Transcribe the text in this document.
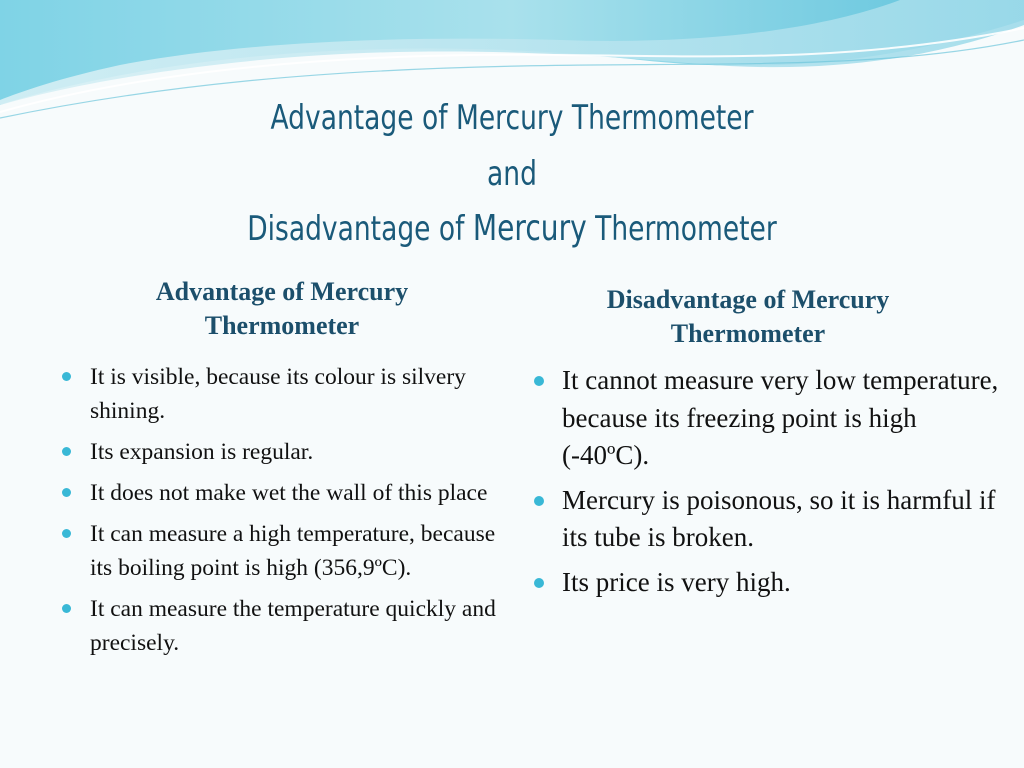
Advantage of Mercury Thermometer
and
Disadvantage of Mercury Thermometer
Advantage of Mercury Thermometer
Disadvantage of Mercury Thermometer
It is visible, because its colour is silvery shining.
Its expansion is regular.
It does not make wet the wall of this place
It can measure a high temperature, because its boiling point is high (356,9ºC).
It can measure the temperature quickly and precisely.
It cannot measure very low temperature, because its freezing point is high (-40ºC).
Mercury is poisonous, so it is harmful if its tube is broken.
Its price is very high.
